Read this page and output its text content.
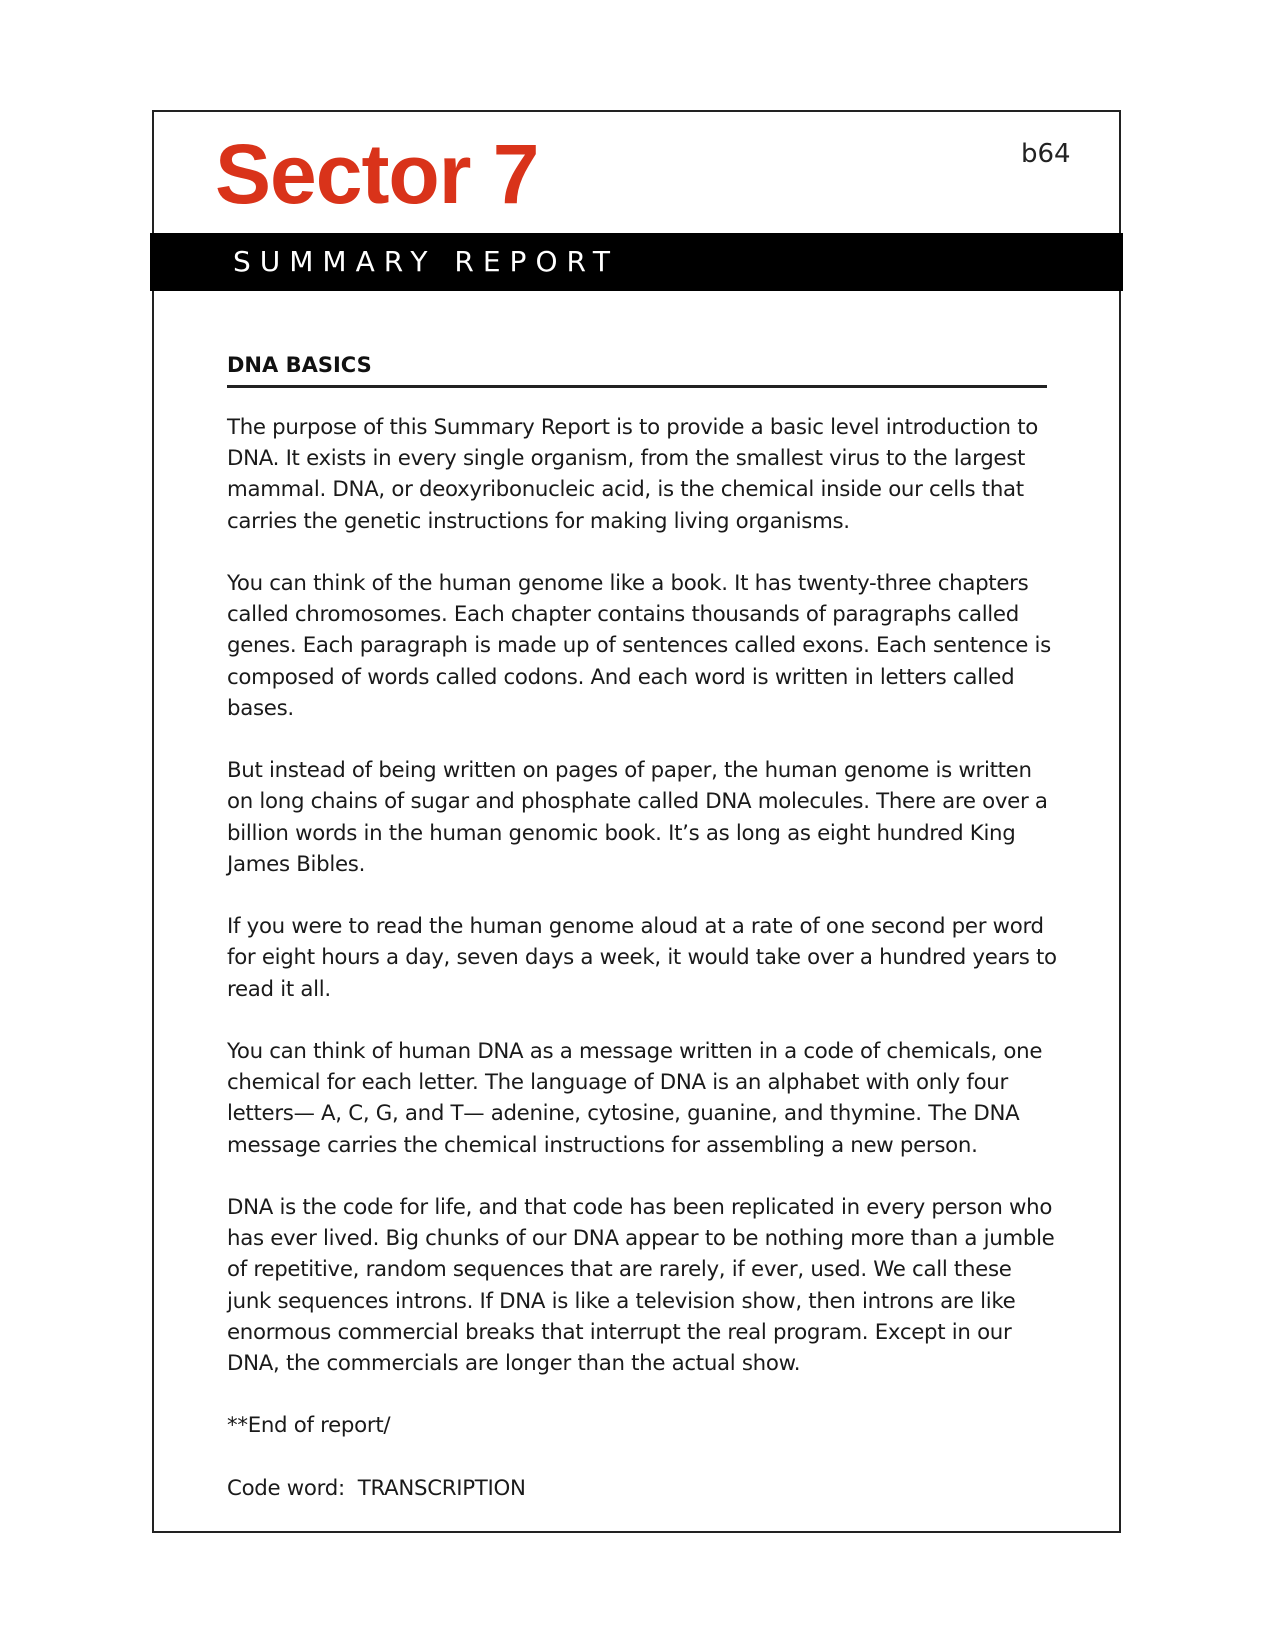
Sector 7	b64
SUMMARY REPORT
DNA BASICS

The purpose of this Summary Report is to provide a basic level introduction to DNA. It exists in every single organism, from the smallest virus to the largest mammal. DNA, or deoxyribonucleic acid, is the chemical inside our cells that carries the genetic instructions for making living organisms.

You can think of the human genome like a book. It has twenty-three chapters called chromosomes. Each chapter contains thousands of paragraphs called genes. Each paragraph is made up of sentences called exons. Each sentence is composed of words called codons. And each word is written in letters called bases.

But instead of being written on pages of paper, the human genome is written on long chains of sugar and phosphate called DNA molecules. There are over a billion words in the human genomic book. It’s as long as eight hundred King James Bibles.

If you were to read the human genome aloud at a rate of one second per word for eight hours a day, seven days a week, it would take over a hundred years to read it all.

You can think of human DNA as a message written in a code of chemicals, one chemical for each letter. The language of DNA is an alphabet with only four letters— A, C, G, and T— adenine, cytosine, guanine, and thymine. The DNA message carries the chemical instructions for assembling a new person.

DNA is the code for life, and that code has been replicated in every person who has ever lived. Big chunks of our DNA appear to be nothing more than a jumble of repetitive, random sequences that are rarely, if ever, used. We call these junk sequences introns. If DNA is like a television show, then introns are like enormous commercial breaks that interrupt the real program. Except in our DNA, the commercials are longer than the actual show.

**End of report/

Code word:  TRANSCRIPTION
